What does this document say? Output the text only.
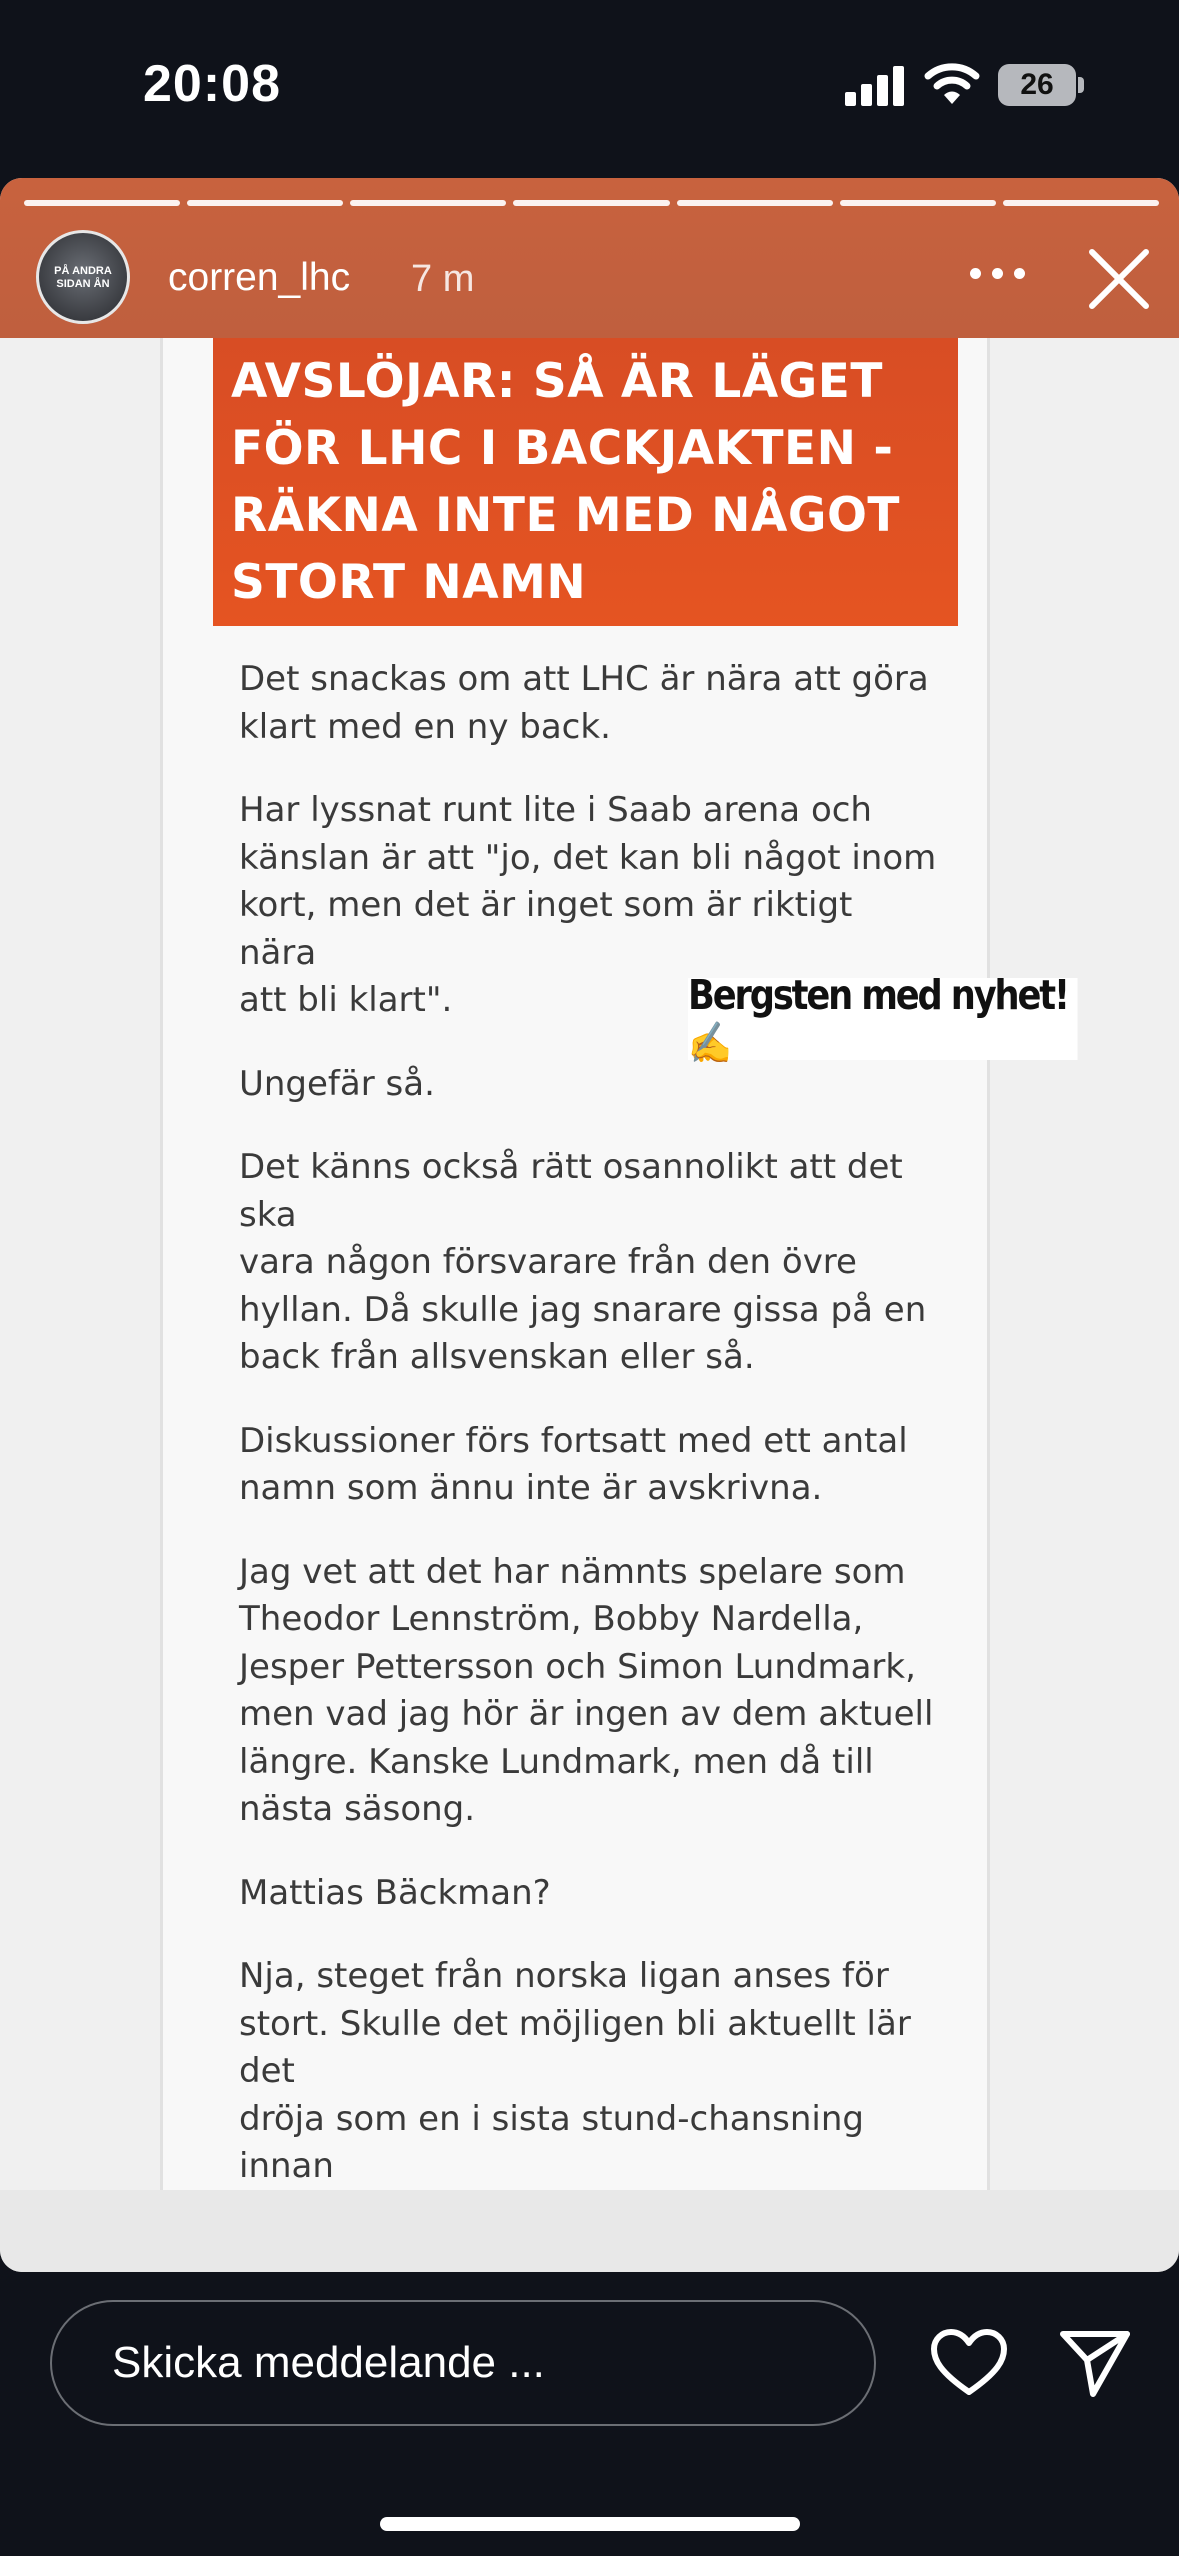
20:08	26
AVSLÖJAR: SÅ ÄR LÄGET FÖR LHC I BACKJAKTEN - RÄKNA INTE MED NÅGOT STORT NAMN

Det snackas om att LHC är nära att göra
klart med en ny back.

Har lyssnat runt lite i Saab arena och
känslan är att "jo, det kan bli något inom
kort, men det är inget som är riktigt nära
att bli klart".

Ungefär så.

Det känns också rätt osannolikt att det ska
vara någon försvarare från den övre
hyllan. Då skulle jag snarare gissa på en
back från allsvenskan eller så.

Diskussioner förs fortsatt med ett antal
namn som ännu inte är avskrivna.

Jag vet att det har nämnts spelare som
Theodor Lennström, Bobby Nardella,
Jesper Pettersson och Simon Lundmark,
men vad jag hör är ingen av dem aktuell
längre. Kanske Lundmark, men då till
nästa säsong.

Mattias Bäckman?

Nja, steget från norska ligan anses för
stort. Skulle det möjligen bli aktuellt lär det
dröja som en i sista stund-chansning innan

Bergsten med nyhet!✍️
PÅ ANDRA SIDAN ÅN	corren_lhc 7 m
Skicka meddelande ...
